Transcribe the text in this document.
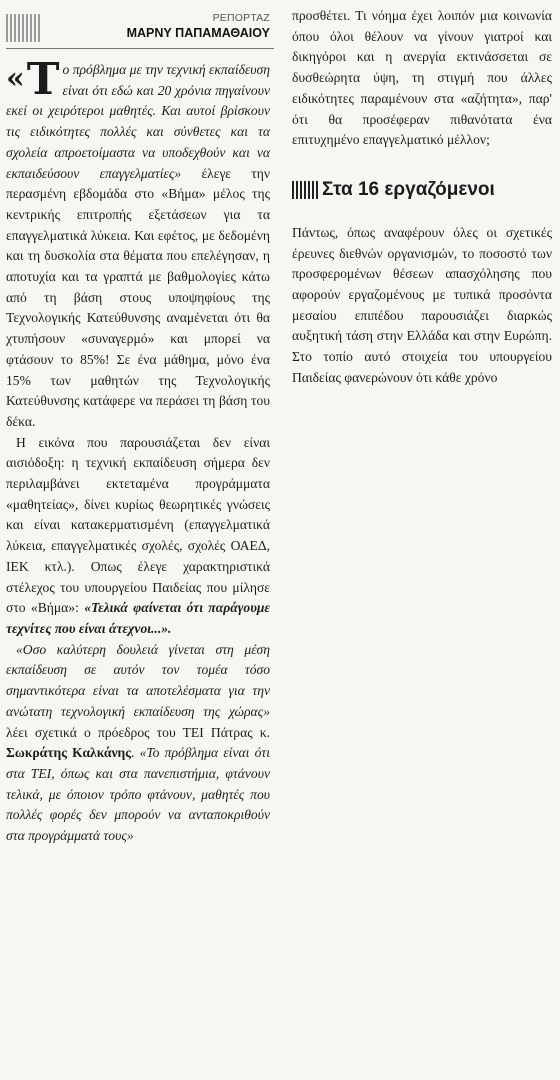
ΡΕΠΟΡΤΑΖ
ΜΑΡΝΥ ΠΑΠΑΜΑΘΑΙΟΥ

« Τ ο πρόβλημα με την τεχνική εκπαίδευση είναι ότι εδώ και 20 χρόνια πηγαίνουν εκεί οι χειρότεροι μαθητές. Και αυτοί βρίσκουν τις ειδικότητες πολλές και σύνθετες και τα σχολεία απροετοίμαστα να υποδεχθούν και να εκπαιδεύσουν επαγγελματίες» έλεγε την περασμένη εβδομάδα στο «Βήμα» μέλος της κεντρικής επιτροπής εξετάσεων για τα επαγγελματικά λύκεια. Και εφέτος, με δεδομένη και τη δυσκολία στα θέματα που επελέγησαν, η αποτυχία και τα γραπτά με βαθμολογίες κάτω από τη βάση στους υποψηφίους της Τεχνολογικής Κατεύθυνσης αναμένεται ότι θα χτυπήσουν «συναγερμό» και μπορεί να φτάσουν το 85%! Σε ένα μάθημα, μόνο ένα 15% των μαθητών της Τεχνολογικής Κατεύθυνσης κατάφερε να περάσει τη βάση του δέκα.

Η εικόνα που παρουσιάζεται δεν είναι αισιόδοξη: η τεχνική εκπαίδευση σήμερα δεν περιλαμβάνει εκτεταμένα προγράμματα «μαθητείας», δίνει κυρίως θεωρητικές γνώσεις και είναι κατακερματισμένη (επαγγελματικά λύκεια, επαγγελματικές σχολές, σχολές ΟΑΕΔ, ΙΕΚ κτλ.). Οπως έλεγε χαρακτηριστικά στέλεχος του υπουργείου Παιδείας που μίλησε στο «Βήμα»: «Τελικά φαίνεται ότι παράγουμε τεχνίτες που είναι άτεχνοι...».

«Οσο καλύτερη δουλειά γίνεται στη μέση εκπαίδευση σε αυτόν τον τομέα τόσο σημαντικότερα είναι τα αποτελέσματα για την ανώτατη τεχνολογική εκπαίδευση της χώρας» λέει σχετικά ο πρόεδρος του ΤΕΙ Πάτρας κ. Σωκράτης Καλκάνης. «Το πρόβλημα είναι ότι στα ΤΕΙ, όπως και στα πανεπιστήμια, φτάνουν τελικά, με όποιον τρόπο φτάνουν, μαθητές που πολλές φορές δεν μπορούν να ανταποκριθούν στα προγράμματά τους»

προσθέτει. Τι νόημα έχει λοιπόν μια κοινωνία όπου όλοι θέλουν να γίνουν γιατροί και δικηγόροι και η ανεργία εκτινάσσεται σε δυσθεώρητα ύψη, τη στιγμή που άλλες ειδικότητες παραμένουν στα «αζήτητα», παρ' ότι θα προσέφεραν πιθανότατα ένα επιτυχημένο επαγγελματικό μέλλον;

Στα 16 εργαζόμενοι

Πάντως, όπως αναφέρουν όλες οι σχετικές έρευνες διεθνών οργανισμών, το ποσοστό των προσφερομένων θέσεων απασχόλησης που αφορούν εργαζομένους με τυπικά προσόντα μεσαίου επιπέδου παρουσιάζει διαρκώς αυξητική τάση στην Ελλάδα και στην Ευρώπη. Στο τοπίο αυτό στοιχεία του υπουργείου Παιδείας φανερώνουν ότι κάθε χρόνο
